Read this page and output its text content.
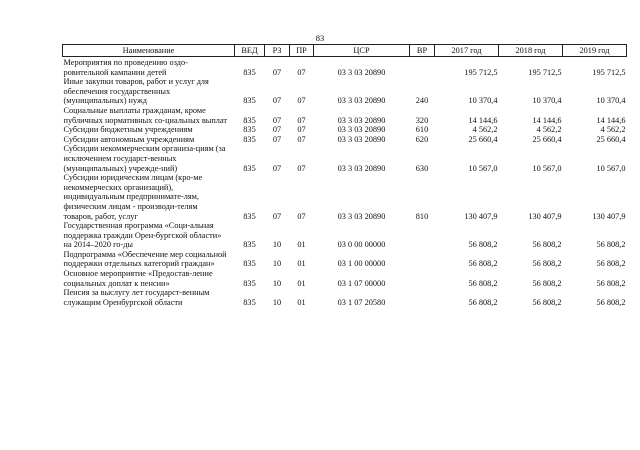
83
Наименование	ВЕД	РЗ	ПР	ЦСР	ВР	2017 год	2018 год	2019 год
Мероприятия по проведению оздо-ровительной кампании детей	835	07	07	03 3 03 20890		195 712,5	195 712,5	195 712,5
Иные закупки товаров, работ и услуг для обеспечения государственных (муниципальных) нужд	835	07	07	03 3 03 20890	240	10 370,4	10 370,4	10 370,4
Социальные выплаты гражданам, кроме публичных нормативных со-циальных выплат	835	07	07	03 3 03 20890	320	14 144,6	14 144,6	14 144,6
Субсидии бюджетным учреждениям	835	07	07	03 3 03 20890	610	4 562,2	4 562,2	4 562,2
Субсидии автономным учреждениям	835	07	07	03 3 03 20890	620	25 660,4	25 660,4	25 660,4
Субсидии некоммерческим организа-циям (за исключением государст-венных (муниципальных) учрежде-ний)	835	07	07	03 3 03 20890	630	10 567,0	10 567,0	10 567,0
Субсидии юридическим лицам (кро-ме некоммерческих организаций), индивидуальным предпринимате-лям, физическим лицам - производи-телям товаров, работ, услуг	835	07	07	03 3 03 20890	810	130 407,9	130 407,9	130 407,9
Государственная программа «Соци-альная поддержка граждан Орен-бургской области» на 2014–2020 го-ды	835	10	01	03 0 00 00000		56 808,2	56 808,2	56 808,2
Подпрограмма «Обеспечение мер социальной поддержки отдельных категорий граждан»	835	10	01	03 1 00 00000		56 808,2	56 808,2	56 808,2
Основное мероприятие «Предостав-ление социальных доплат к пенсии»	835	10	01	03 1 07 00000		56 808,2	56 808,2	56 808,2
Пенсия за выслугу лет государст-венным служащим Оренбургской области	835	10	01	03 1 07 20580		56 808,2	56 808,2	56 808,2
